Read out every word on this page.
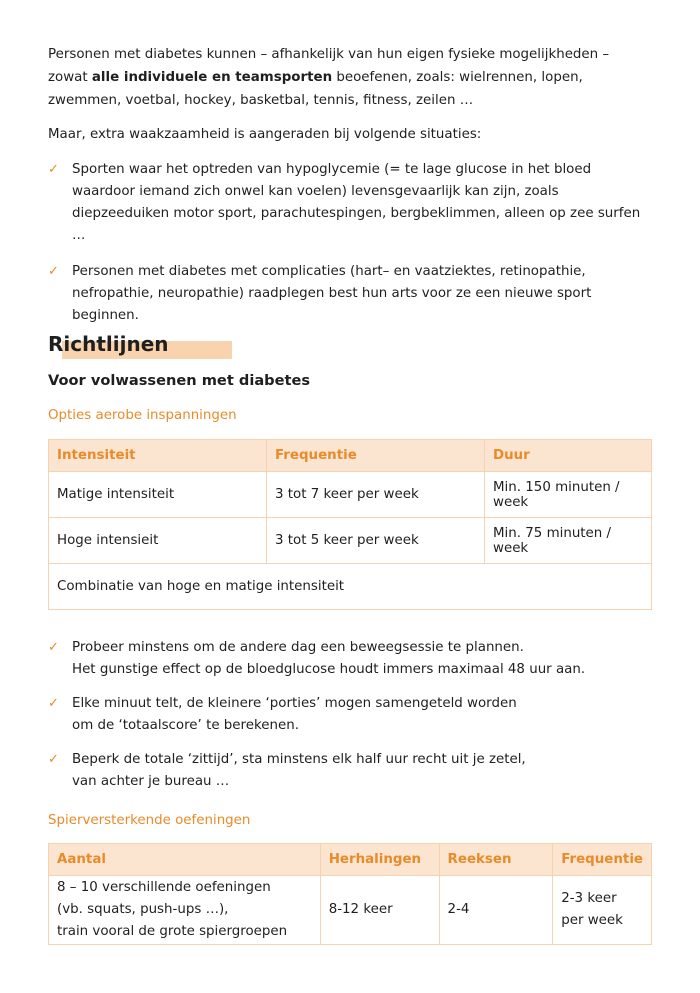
Personen met diabetes kunnen – afhankelijk van hun eigen fysieke mogelijkheden – zowat alle individuele en teamsporten beoefenen, zoals: wielrennen, lopen, zwemmen, voetbal, hockey, basketbal, tennis, fitness, zeilen …

Maar, extra waakzaamheid is aangeraden bij volgende situaties:

✓ Sporten waar het optreden van hypoglycemie (= te lage glucose in het bloed waardoor iemand zich onwel kan voelen) levensgevaarlijk kan zijn, zoals diepzeeduiken motor sport, parachutespingen, bergbeklimmen, alleen op zee surfen …
✓ Personen met diabetes met complicaties (hart– en vaatziektes, retinopathie, nefropathie, neuropathie) raadplegen best hun arts voor ze een nieuwe sport beginnen.
Richtlijnen
Voor volwassenen met diabetes

Opties aerobe inspanningen

Intensiteit	Frequentie	Duur
Matige intensiteit	3 tot 7 keer per week	Min. 150 minuten / week
Hoge intensieit	3 tot 5 keer per week	Min. 75 minuten / week
Combinatie van hoge en matige intensiteit		
✓ Probeer minstens om de andere dag een beweegsessie te plannen.
Het gunstige effect op de bloedglucose houdt immers maximaal 48 uur aan.
✓ Elke minuut telt, de kleinere ‘porties’ mogen samengeteld worden
om de ‘totaalscore’ te berekenen.
✓ Beperk de totale ‘zittijd’, sta minstens elk half uur recht uit je zetel,
van achter je bureau …

Spierversterkende oefeningen

Aantal	Herhalingen	Reeksen	Frequentie

8 – 10 verschillende oefeningen
(vb. squats, push-ups …),
train vooral de grote spiergroepen	8-12 keer	2-4	2-3 keer per week
